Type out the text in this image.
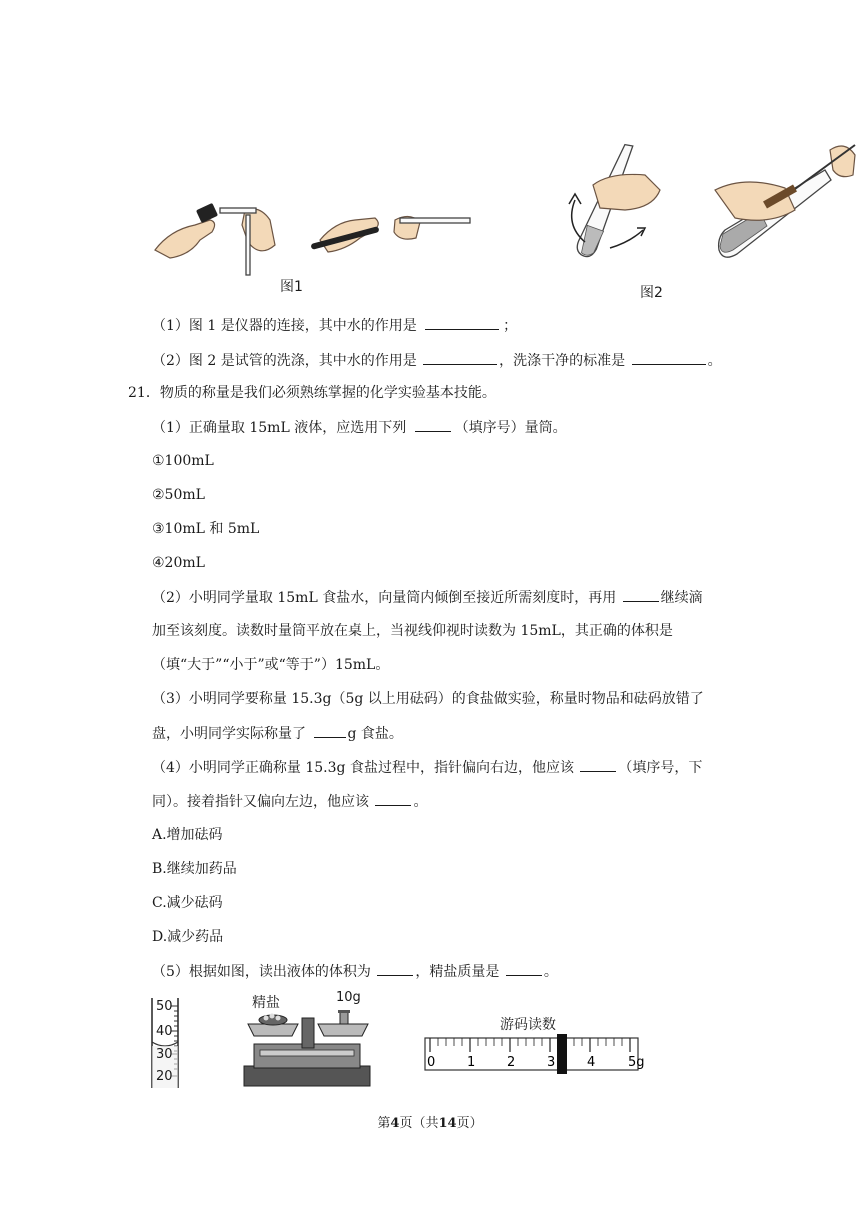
图1	图2
（1）图 1 是仪器的连接，其中水的作用是	；
（2）图 2 是试管的洗涤，其中水的作用是	，洗涤干净的标准是	。
21．物质的称量是我们必须熟练掌握的化学实验基本技能。
（1）正确量取 15mL 液体，应选用下列	（填序号）量筒。
①100mL
②50mL
③10mL 和 5mL
④20mL
（2）小明同学量取 15mL 食盐水，向量筒内倾倒至接近所需刻度时，再用	继续滴
加至该刻度。读数时量筒平放在桌上，当视线仰视时读数为 15mL，其正确的体积是
（填“大于”“小于”或“等于”）15mL。
（3）小明同学要称量 15.3g（5g 以上用砝码）的食盐做实验，称量时物品和砝码放错了
盘，小明同学实际称量了	g 食盐。
（4）小明同学正确称量 15.3g 食盐过程中，指针偏向右边，他应该	（填序号，下
同）。接着指针又偏向左边，他应该	。
A.增加砝码
B.继续加药品
C.减少砝码
D.减少药品
（5）根据如图，读出液体的体积为	，精盐质量是	。
50
40
30
20
精盐	10g
游码读数
0 1 2 3 4	5g
第4页（共14页）
